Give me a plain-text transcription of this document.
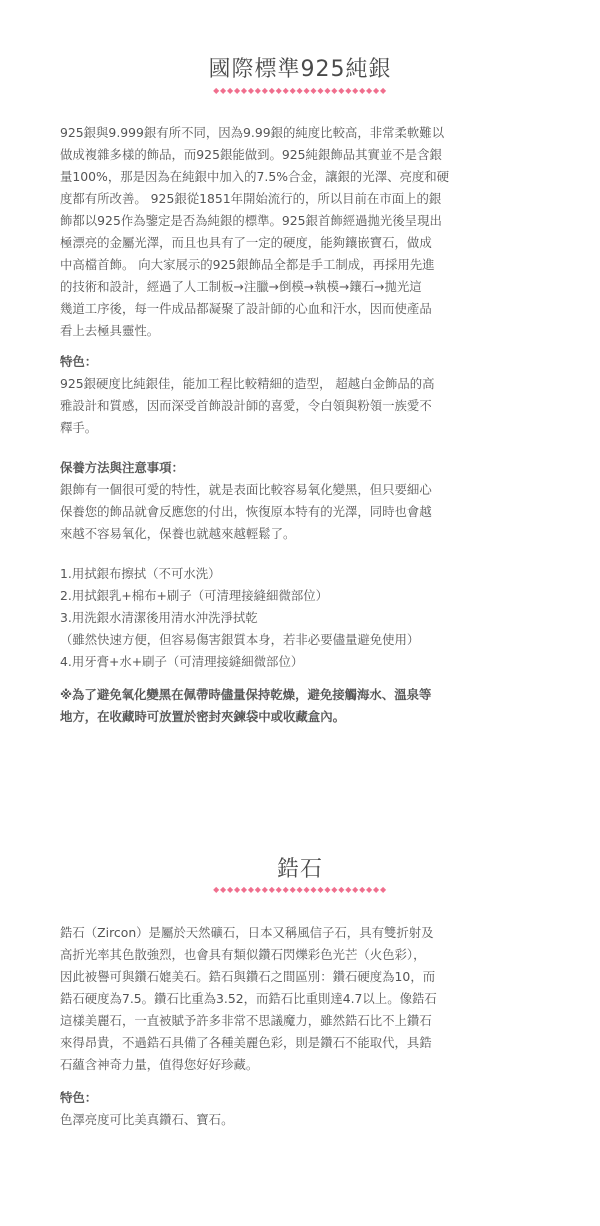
國際標準925純銀
◆◆◆◆◆◆◆◆◆◆◆◆◆◆◆◆◆◆◆◆◆◆◆◆◆
925銀與9.999銀有所不同，因為9.99銀的純度比較高，非常柔軟難以
做成複雜多樣的飾品，而925銀能做到。925純銀飾品其實並不是含銀
量100%，那是因為在純銀中加入的7.5%合金，讓銀的光澤、亮度和硬
度都有所改善。 925銀從1851年開始流行的，所以目前在市面上的銀
飾都以925作為鑒定是否為純銀的標準。925銀首飾經過拋光後呈現出
極漂亮的金屬光澤，而且也具有了一定的硬度，能夠鑲嵌寶石，做成
中高檔首飾。 向大家展示的925銀飾品全都是手工制成，再採用先進
的技術和設計，經過了人工制板→注臘→倒模→執模→鑲石→拋光這
幾道工序後，每一件成品都凝聚了設計師的心血和汗水，因而使產品
看上去極具靈性。
特色：
925銀硬度比純銀佳，能加工程比較精細的造型， 超越白金飾品的高
雅設計和質感，因而深受首飾設計師的喜愛，令白領與粉領一族愛不
釋手。
保養方法與注意事項：
銀飾有一個很可愛的特性，就是表面比較容易氧化變黑，但只要細心
保養您的飾品就會反應您的付出，恢復原本特有的光澤，同時也會越
來越不容易氧化，保養也就越來越輕鬆了。
1.用拭銀布擦拭（不可水洗）
2.用拭銀乳+棉布+刷子（可清理接縫細微部位）
3.用洗銀水清潔後用清水沖洗淨拭乾
（雖然快速方便，但容易傷害銀質本身，若非必要儘量避免使用）
4.用牙膏+水+刷子（可清理接縫細微部位）
※為了避免氧化變黑在佩帶時儘量保持乾燥，避免接觸海水、溫泉等
地方，在收藏時可放置於密封夾鍊袋中或收藏盒內。
鋯石
◆◆◆◆◆◆◆◆◆◆◆◆◆◆◆◆◆◆◆◆◆◆◆◆◆
鋯石（Zircon）是屬於天然礦石，日本又稱風信子石，具有雙折射及
高折光率其色散強烈，也會具有類似鑽石閃爍彩色光芒（火色彩），
因此被譽可與鑽石媲美石。鋯石與鑽石之間區別：鑽石硬度為10，而
鋯石硬度為7.5。鑽石比重為3.52，而鋯石比重則達4.7以上。像鋯石
這樣美麗石，一直被賦予許多非常不思議魔力，雖然鋯石比不上鑽石
來得昂貴，不過鋯石具備了各種美麗色彩，則是鑽石不能取代，具鋯
石蘊含神奇力量，值得您好好珍藏。
特色：
色澤亮度可比美真鑽石、寶石。
